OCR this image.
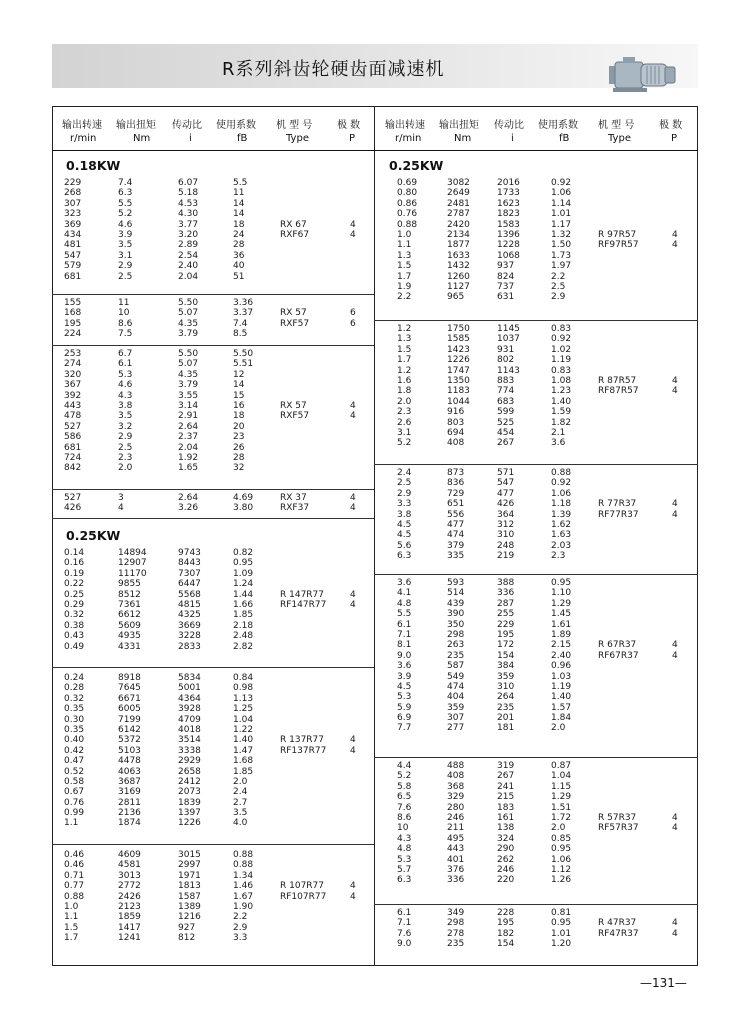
R系列斜齿轮硬齿面减速机
输出转速 输出扭矩 传动比 使用系数 机 型 号 极 数
r/min	Nm	i	fB	Type	P
输出转速 输出扭矩 传动比 使用系数 机 型 号 极 数
r/min	Nm	i	fB	Type	P
0.18KW
0.25KW
0.25KW
229	7.4	6.07	5.5
268	6.3	5.18	11
307	5.5	4.53	14
323	5.2	4.30	14
369	4.6	3.77	18
434	3.9	3.20	24
481	3.5	2.89	28
547	3.1	2.54	36
579	2.9	2.40	40
681	2.5	2.04	51
RX 67	4
RXF67	4
155	11	5.50	3.36
168	10	5.07	3.37
195	8.6	4.35	7.4
224	7.5	3.79	8.5
RX 57	6
RXF57	6
253	6.7	5.50	5.50
274	6.1	5.07	5.51
320	5.3	4.35	12
367	4.6	3.79	14
392	4.3	3.55	15
443	3.8	3.14	16
478	3.5	2.91	18
527	3.2	2.64	20
586	2.9	2.37	23
681	2.5	2.04	26
724	2.3	1.92	28
842	2.0	1.65	32
RX 57	4
RXF57	4
527	3	2.64	4.69
426	4	3.26	3.80
RX 37	4
RXF37	4
0.14	14894	9743	0.82
0.16	12907	8443	0.95
0.19	11170	7307	1.09
0.22	9855	6447	1.24
0.25	8512	5568	1.44
0.29	7361	4815	1.66
0.32	6612	4325	1.85
0.38	5609	3669	2.18
0.43	4935	3228	2.48
0.49	4331	2833	2.82
R 147R77	4
RF147R77	4
0.24	8918	5834	0.84
0.28	7645	5001	0.98
0.32	6671	4364	1.13
0.35	6005	3928	1.25
0.30	7199	4709	1.04
0.35	6142	4018	1.22
0.40	5372	3514	1.40
0.42	5103	3338	1.47
0.47	4478	2929	1.68
0.52	4063	2658	1.85
0.58	3687	2412	2.0
0.67	3169	2073	2.4
0.76	2811	1839	2.7
0.99	2136	1397	3.5
1.1	1874	1226	4.0
R 137R77	4
RF137R77	4
0.46	4609	3015	0.88
0.46	4581	2997	0.88
0.71	3013	1971	1.34
0.77	2772	1813	1.46
0.88	2426	1587	1.67
1.0	2123	1389	1.90
1.1	1859	1216	2.2
1.5	1417	927	2.9
1.7	1241	812	3.3
R 107R77	4
RF107R77	4
0.69	3082	2016	0.92
0.80	2649	1733	1.06
0.86	2481	1623	1.14
0.76	2787	1823	1.01
0.88	2420	1583	1.17
1.0	2134	1396	1.32
1.1	1877	1228	1.50
1.3	1633	1068	1.73
1.5	1432	937	1.97
1.7	1260	824	2.2
1.9	1127	737	2.5
2.2	965	631	2.9
R 97R57	4
RF97R57	4
1.2	1750	1145	0.83
1.3	1585	1037	0.92
1.5	1423	931	1.02
1.7	1226	802	1.19
1.2	1747	1143	0.83
1.6	1350	883	1.08
1.8	1183	774	1.23
2.0	1044	683	1.40
2.3	916	599	1.59
2.6	803	525	1.82
3.1	694	454	2.1
5.2	408	267	3.6
R 87R57	4
RF87R57	4
2.4	873	571	0.88
2.5	836	547	0.92
2.9	729	477	1.06
3.3	651	426	1.18
3.8	556	364	1.39
4.5	477	312	1.62
4.5	474	310	1.63
5.6	379	248	2.03
6.3	335	219	2.3
R 77R37	4
RF77R37	4
3.6	593	388	0.95
4.1	514	336	1.10
4.8	439	287	1.29
5.5	390	255	1.45
6.1	350	229	1.61
7.1	298	195	1.89
8.1	263	172	2.15
9.0	235	154	2.40
3.6	587	384	0.96
3.9	549	359	1.03
4.5	474	310	1.19
5.3	404	264	1.40
5.9	359	235	1.57
6.9	307	201	1.84
7.7	277	181	2.0
R 67R37	4
RF67R37	4
4.4	488	319	0.87
5.2	408	267	1.04
5.8	368	241	1.15
6.5	329	215	1.29
7.6	280	183	1.51
8.6	246	161	1.72
10	211	138	2.0
4.3	495	324	0.85
4.8	443	290	0.95
5.3	401	262	1.06
5.7	376	246	1.12
6.3	336	220	1.26
R 57R37	4
RF57R37	4
6.1	349	228	0.81
7.1	298	195	0.95
7.6	278	182	1.01
9.0	235	154	1.20
R 47R37	4
RF47R37	4
—131—
